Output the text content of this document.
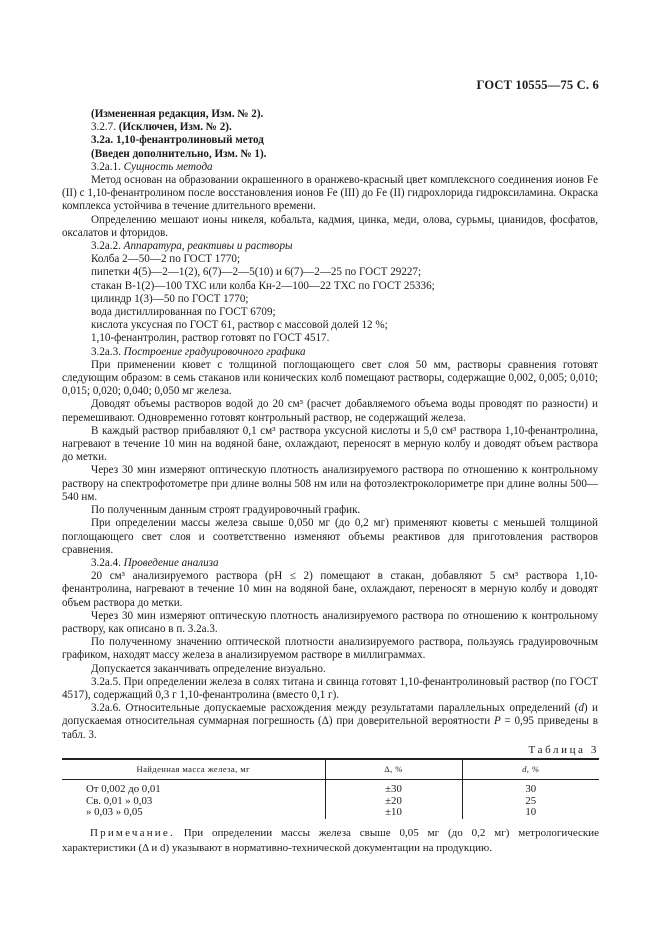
ГОСТ 10555—75 С. 6

(Измененная редакция, Изм. № 2).

3.2.7. (Исключен, Изм. № 2).

3.2а. 1,10-фенантролиновый метод

(Введен дополнительно, Изм. № 1).

3.2а.1. Сущность метода

Метод основан на образовании окрашенного в оранжево-красный цвет комплексного соединения ионов Fe (II) с 1,10-фенантролином после восстановления ионов Fe (III) до Fe (II) гидрохлорида гидроксиламина. Окраска комплекса устойчива в течение длительного времени.

Определению мешают ионы никеля, кобальта, кадмия, цинка, меди, олова, сурьмы, цианидов, фосфатов, оксалатов и фторидов.

3.2а.2. Аппаратура, реактивы и растворы

Колба 2—50—2 по ГОСТ 1770;

пипетки 4(5)—2—1(2), 6(7)—2—5(10) и 6(7)—2—25 по ГОСТ 29227;

стакан В-1(2)—100 ТХС или колба Кн-2—100—22 ТХС по ГОСТ 25336;

цилиндр 1(3)—50 по ГОСТ 1770;

вода дистиллированная по ГОСТ 6709;

кислота уксусная по ГОСТ 61, раствор с массовой долей 12 %;

1,10-фенантролин, раствор готовят по ГОСТ 4517.

3.2а.3. Построение градуировочного графика

При применении кювет с толщиной поглощающего свет слоя 50 мм, растворы сравнения готовят следующим образом: в семь стаканов или конических колб помещают растворы, содержащие 0,002, 0,005; 0,010; 0,015; 0,020; 0,040; 0,050 мг железа.

Доводят объемы растворов водой до 20 см³ (расчет добавляемого объема воды проводят по разности) и перемешивают. Одновременно готовят контрольный раствор, не содержащий железа.

В каждый раствор прибавляют 0,1 см³ раствора уксусной кислоты и 5,0 см³ раствора 1,10-фенантролина, нагревают в течение 10 мин на водяной бане, охлаждают, переносят в мерную колбу и доводят объем раствора до метки.

Через 30 мин измеряют оптическую плотность анализируемого раствора по отношению к контрольному раствору на спектрофотометре при длине волны 508 нм или на фотоэлектроколориметре при длине волны 500—540 нм.

По полученным данным строят градуировочный график.

При определении массы железа свыше 0,050 мг (до 0,2 мг) применяют кюветы с меньшей толщиной поглощающего свет слоя и соответственно изменяют объемы реактивов для приготовления растворов сравнения.

3.2а.4. Проведение анализа

20 см³ анализируемого раствора (рН ≤ 2) помещают в стакан, добавляют 5 см³ раствора 1,10-фенантролина, нагревают в течение 10 мин на водяной бане, охлаждают, переносят в мерную колбу и доводят объем раствора до метки.

Через 30 мин измеряют оптическую плотность анализируемого раствора по отношению к контрольному раствору, как описано в п. 3.2а.3.

По полученному значению оптической плотности анализируемого раствора, пользуясь градуировочным графиком, находят массу железа в анализируемом растворе в миллиграммах.

Допускается заканчивать определение визуально.

3.2а.5. При определении железа в солях титана и свинца готовят 1,10-фенантролиновый раствор (по ГОСТ 4517), содержащий 0,3 г 1,10-фенантролина (вместо 0,1 г).

3.2а.6. Относительные допускаемые расхождения между результатами параллельных определений (d) и допускаемая относительная суммарная погрешность (Δ) при доверительной вероятности P = 0,95 приведены в табл. 3.

Таблица 3
Найденная масса железа, мг	Δ, %	d, %
От 0,002 до 0,01	±30	30
Св. 0,01 » 0,03	±20	25
» 0,03 » 0,05	±10	10
Примечание. При определении массы железа свыше 0,05 мг (до 0,2 мг) метрологические характеристики (Δ и d) указывают в нормативно-технической документации на продукцию.
